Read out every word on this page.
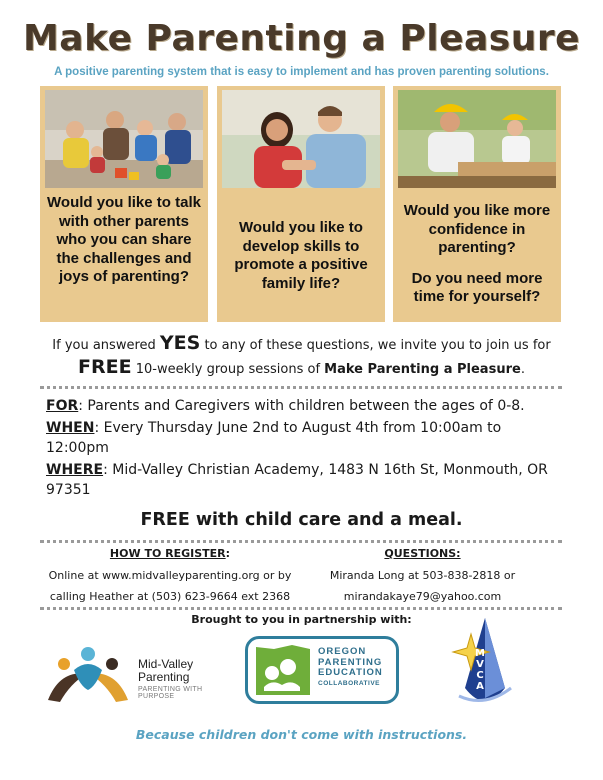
Make Parenting a Pleasure
A positive parenting system that is easy to implement and has proven parenting solutions.
Would you like to talk with other parents who you can share the challenges and joys of parenting?
Would you like to develop skills to promote a positive family life?
Would you like more confidence in parenting?
Do you need more time for yourself?
If you answered YES to any of these questions, we invite you to join us for
FREE 10-weekly group sessions of Make Parenting a Pleasure.

FOR: Parents and Caregivers with children between the ages of 0-8.

WHEN: Every Thursday June 2nd to August 4th from 10:00am to 12:00pm

WHERE: Mid-Valley Christian Academy, 1483 N 16th St, Monmouth, OR 97351

FREE with child care and a meal.
HOW TO REGISTER:
Online at www.midvalleyparenting.org or by
calling Heather at (503) 623-9664 ext 2368
QUESTIONS:
Miranda Long at 503-838-2818 or
mirandakaye79@yahoo.com
Brought to you in partnership with:
Mid-Valley
Parenting
PARENTING WITH PURPOSE
OREGON
PARENTING
EDUCATION
COLLABORATIVE
MVCA
Because children don't come with instructions.
